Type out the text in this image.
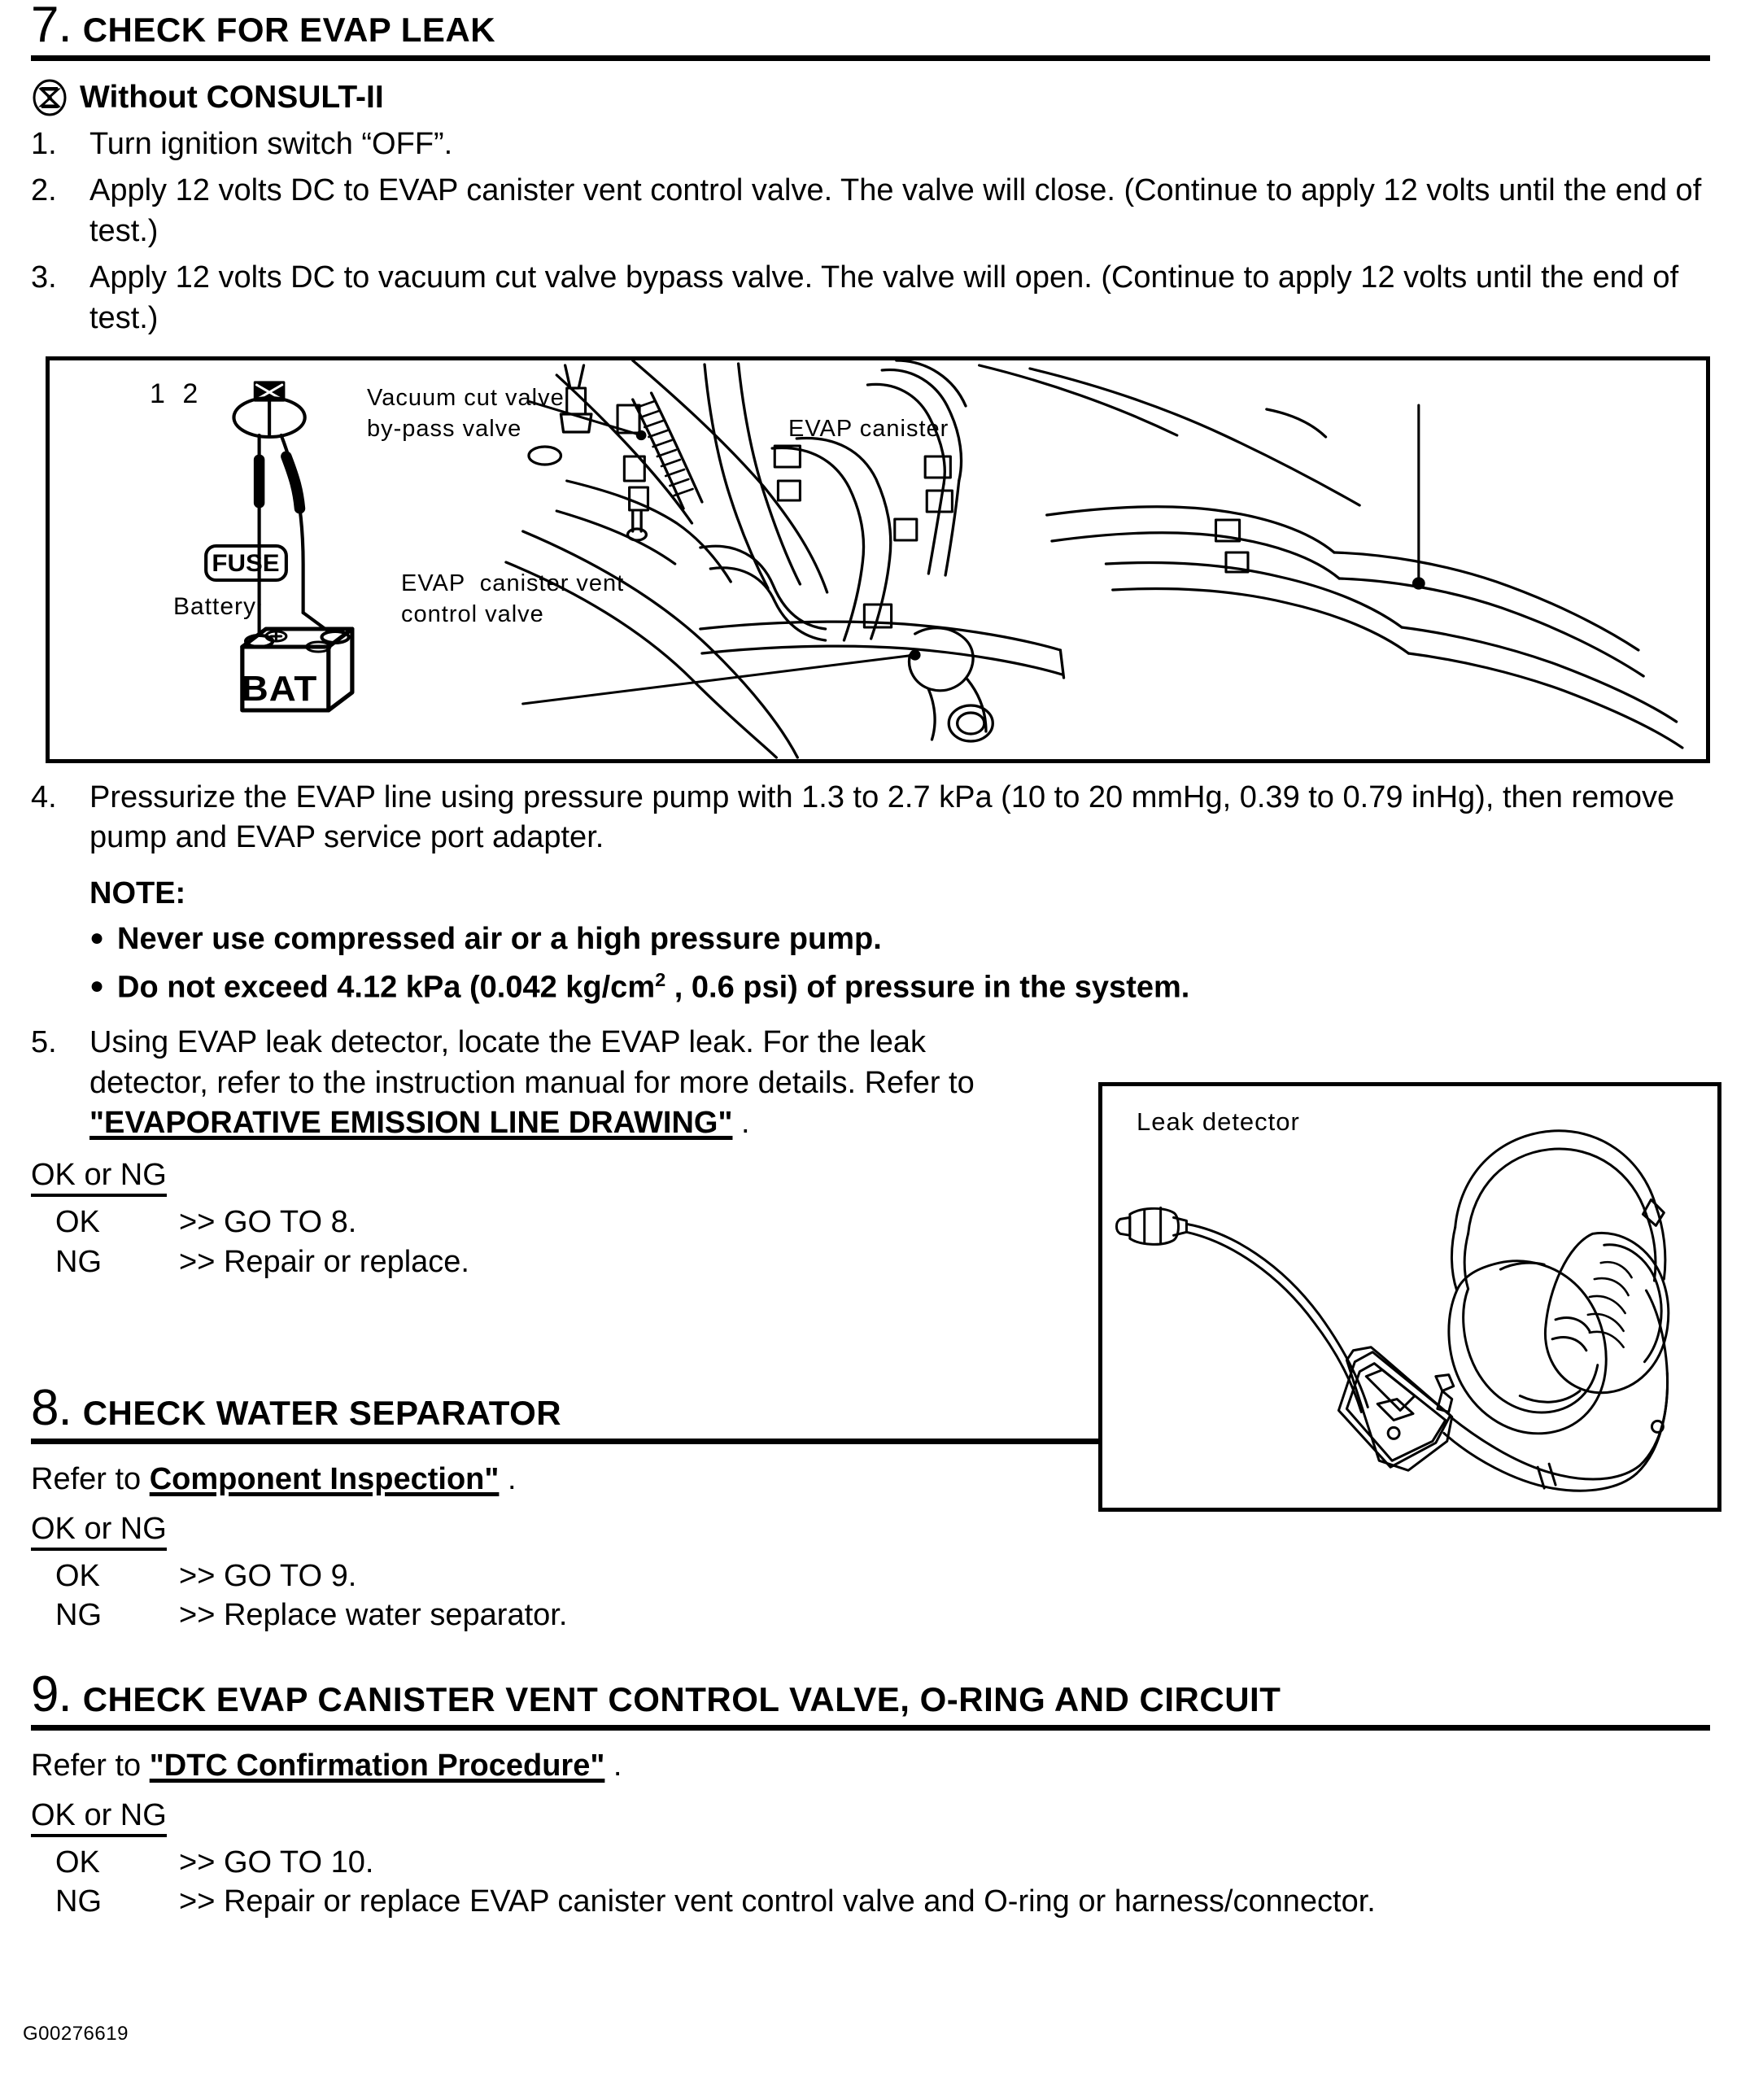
7. CHECK FOR EVAP LEAK
Without CONSULT-II
1.	Turn ignition switch “OFF”.
2.	Apply 12 volts DC to EVAP canister vent control valve. The valve will close. (Continue to apply 12 volts until the end of test.)
3.	Apply 12 volts DC to vacuum cut valve bypass valve. The valve will open. (Continue to apply 12 volts until the end of test.)
FUSE
BAT
Vacuum cut valve
by-pass valve	EVAP canister
EVAP  canister vent
control valve
Battery
1 2
4.	Pressurize the EVAP line using pressure pump with 1.3 to 2.7 kPa (10 to 20 mmHg, 0.39 to 0.79 inHg), then remove pump and EVAP service port adapter.
NOTE:
● Never use compressed air or a high pressure pump.
● Do not exceed 4.12 kPa (0.042 $kg/cm^2$ , 0.6 psi) of pressure in the system.
5.	Using EVAP leak detector, locate the EVAP leak. For the leak detector, refer to the instruction manual for more details. Refer to "EVAPORATIVE EMISSION LINE DRAWING" .	Leak detector
OK or NG
OK	>> GO TO 8.
NG	>> Repair or replace.
8. CHECK WATER SEPARATOR
Refer to Component Inspection" .
OK or NG
OK	>> GO TO 9.
NG	>> Replace water separator.
9. CHECK EVAP CANISTER VENT CONTROL VALVE, O-RING AND CIRCUIT
Refer to "DTC Confirmation Procedure" .
OK or NG
OK	>> GO TO 10.
NG	>> Repair or replace EVAP canister vent control valve and O-ring or harness/connector.
G00276619
